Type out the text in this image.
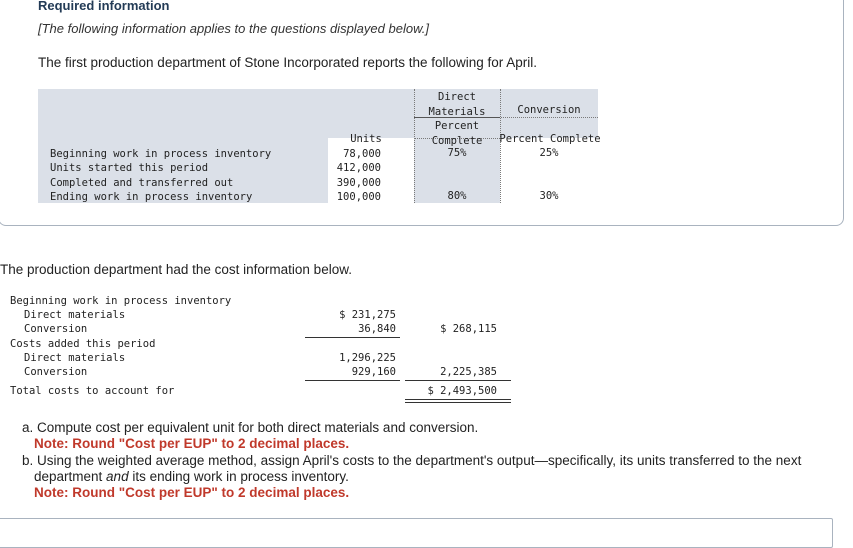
Required information
[The following information applies to the questions displayed below.]
The first production department of Stone Incorporated reports the following for April.
Direct
Materials
Percent
Complete
Conversion
Percent Complete
Units
Beginning work in process inventory
Units started this period
Completed and transferred out
Ending work in process inventory
78,000
412,000
390,000
100,000
75%
80%
25%
30%
The production department had the cost information below.
Beginning work in process inventory
Direct materials
Conversion
Costs added this period
Direct materials
Conversion
Total costs to account for
$ 231,275
36,840	$ 268,115
1,296,225
929,160	2,225,385
$ 2,493,500
a. Compute cost per equivalent unit for both direct materials and conversion.
Note: Round "Cost per EUP" to 2 decimal places.
b. Using the weighted average method, assign April's costs to the department's output—specifically, its units transferred to the next
department and its ending work in process inventory.
Note: Round "Cost per EUP" to 2 decimal places.
